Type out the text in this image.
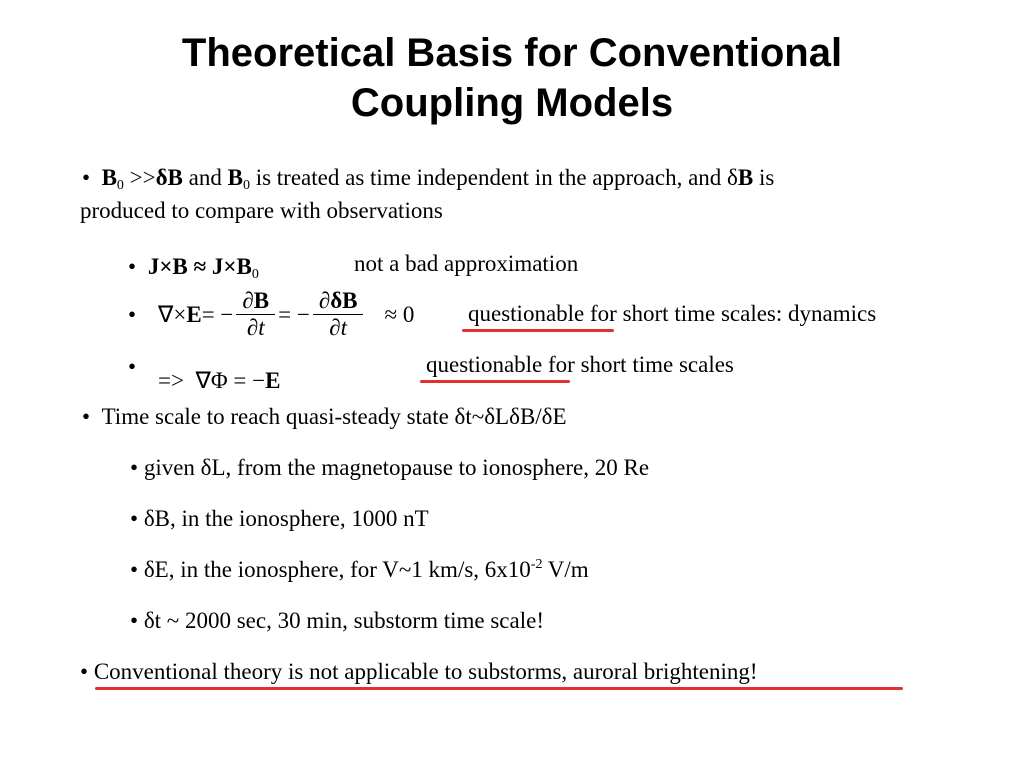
Theoretical Basis for Conventional
Coupling Models
• $B_0 >>\delta B$ and $B_0$ is treated as time independent in the approach, and δB is
produced to compare with observations
• $J\times B \approx J\times B_0$	not a bad approximation
• ∇× E = − $\frac{\partial B}{\partial t}$ = − $\frac{\partial\delta B}{\partial t} \approx 0$ questionable for short time scales: dynamics
•
=> ∇Φ = −E
questionable for short time scales
• Time scale to reach quasi-steady state δt~δLδB/δE
• given δL, from the magnetopause to ionosphere, 20 Re
• δB, in the ionosphere, 1000 nT
• δE, in the ionosphere, for V~1 km/s, $6x10^{-2}$ V/m
• δt ~ 2000 sec, 30 min, substorm time scale!
• Conventional theory is not applicable to substorms, auroral brightening!
